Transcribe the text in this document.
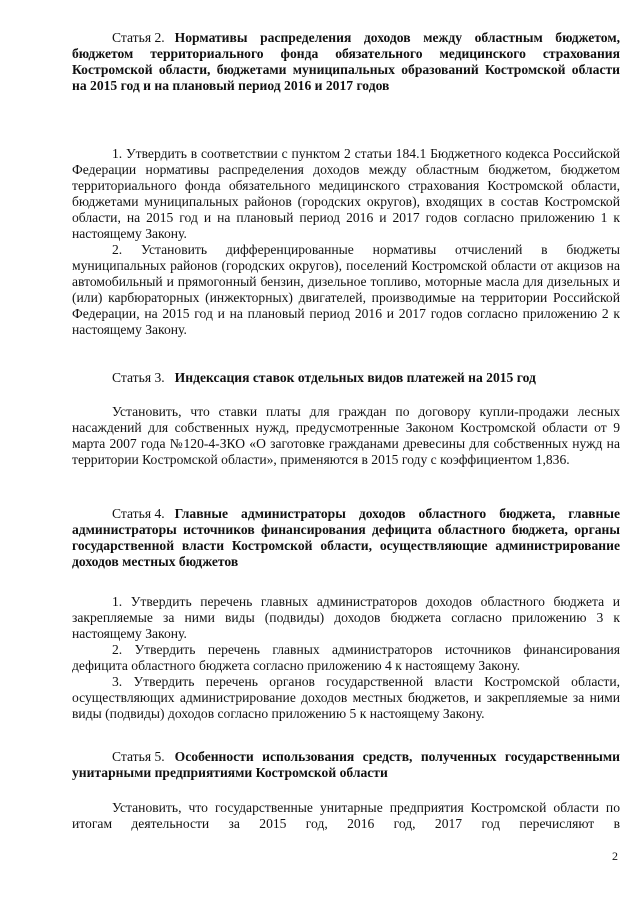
Статья 2. Нормативы распределения доходов между областным бюджетом, бюджетом территориального фонда обязательного медицинского страхования Костромской области, бюджетами муниципальных образований Костромской области на 2015 год и на плановый период 2016 и 2017 годов

1. Утвердить в соответствии с пунктом 2 статьи 184.1 Бюджетного кодекса Российской Федерации нормативы распределения доходов между областным бюджетом, бюджетом территориального фонда обязательного медицинского страхования Костромской области, бюджетами муниципальных районов (городских округов), входящих в состав Костромской области, на 2015 год и на плановый период 2016 и 2017 годов согласно приложению 1 к настоящему Закону.

2. Установить дифференцированные нормативы отчислений в бюджеты муниципальных районов (городских округов), поселений Костромской области от акцизов на автомобильный и прямогонный бензин, дизельное топливо, моторные масла для дизельных и (или) карбюраторных (инжекторных) двигателей, производимые на территории Российской Федерации, на 2015 год и на плановый период 2016 и 2017 годов согласно приложению 2 к настоящему Закону.

Статья 3. Индексация ставок отдельных видов платежей на 2015 год

Установить, что ставки платы для граждан по договору купли-продажи лесных насаждений для собственных нужд, предусмотренные Законом Костромской области от 9 марта 2007 года №120-4-ЗКО «О заготовке гражданами древесины для собственных нужд на территории Костромской области», применяются в 2015 году с коэффициентом 1,836.

Статья 4. Главные администраторы доходов областного бюджета, главные администраторы источников финансирования дефицита областного бюджета, органы государственной власти Костромской области, осуществляющие администрирование доходов местных бюджетов

1. Утвердить перечень главных администраторов доходов областного бюджета и закрепляемые за ними виды (подвиды) доходов бюджета согласно приложению 3 к настоящему Закону.

2. Утвердить перечень главных администраторов источников финансирования дефицита областного бюджета согласно приложению 4 к настоящему Закону.

3. Утвердить перечень органов государственной власти Костромской области, осуществляющих администрирование доходов местных бюджетов, и закрепляемые за ними виды (подвиды) доходов согласно приложению 5 к настоящему Закону.

Статья 5. Особенности использования средств, полученных государственными унитарными предприятиями Костромской области

Установить, что государственные унитарные предприятия Костромской области по итогам деятельности за 2015 год, 2016 год, 2017 год перечисляют в

2
